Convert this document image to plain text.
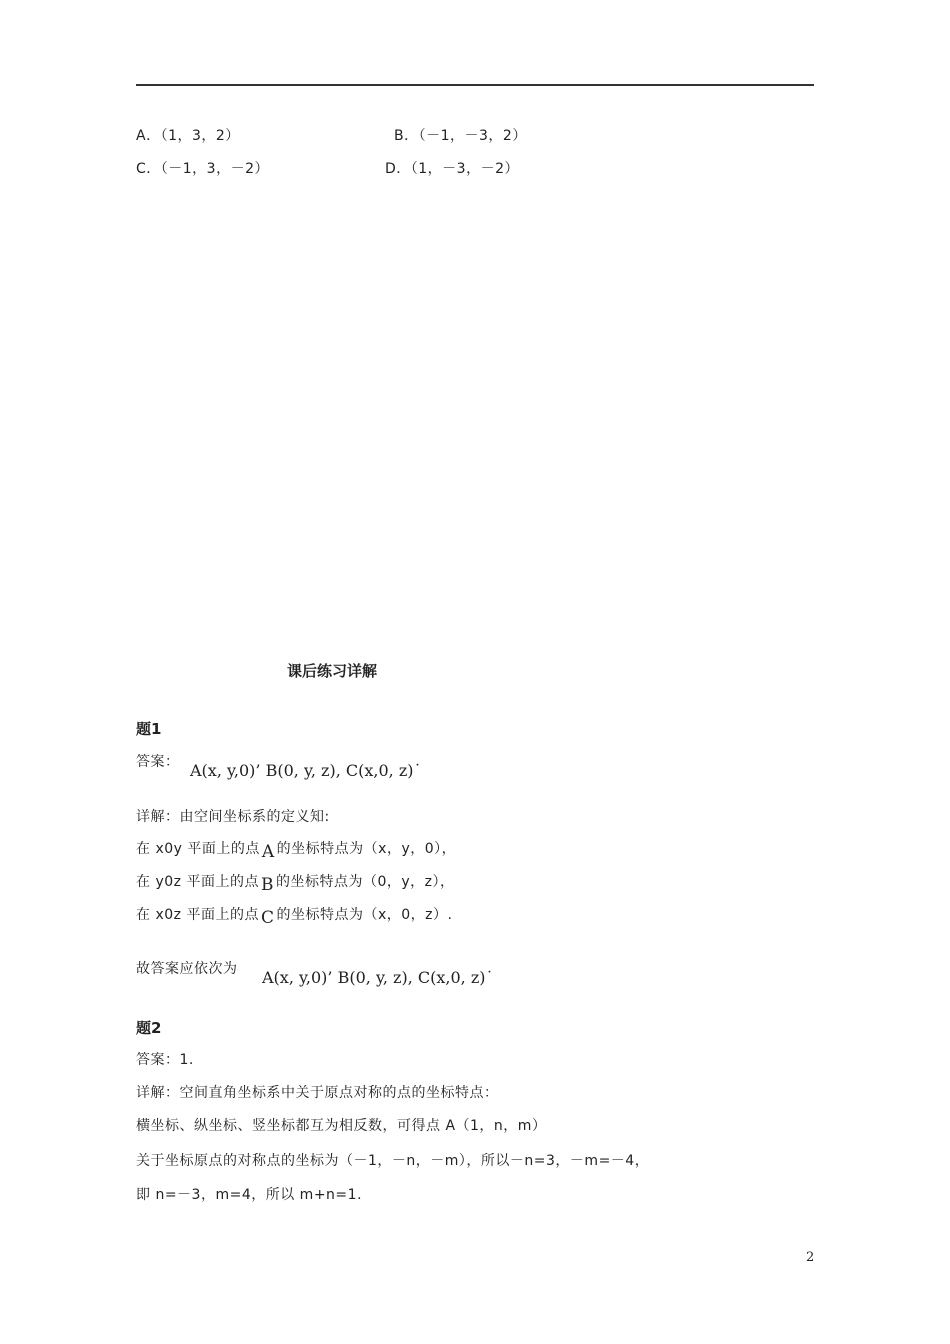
A．（1，3，2）	B．（－1，－3，2）
C．（－1，3，－2）	D．（1，－3，－2）
课后练习详解
题1
答案： A(x, y,0)’ B(0, y, z), C(x,0, z)˙
详解：由空间坐标系的定义知:
在 x0y 平面上的点 A 的坐标特点为（x，y，0），
在 y0z 平面上的点 B 的坐标特点为（0，y，z），
在 x0z 平面上的点 C 的坐标特点为（x，0，z）.
故答案应依次为 A(x, y,0)’ B(0, y, z), C(x,0, z)˙
题2
答案：1.
详解：空间直角坐标系中关于原点对称的点的坐标特点：
横坐标、纵坐标、竖坐标都互为相反数，可得点 A（1，n，m）
关于坐标原点的对称点的坐标为（－1，－n，－m），所以－n=3，－m=－4，
即 n=－3，m=4，所以 m+n=1.
2
